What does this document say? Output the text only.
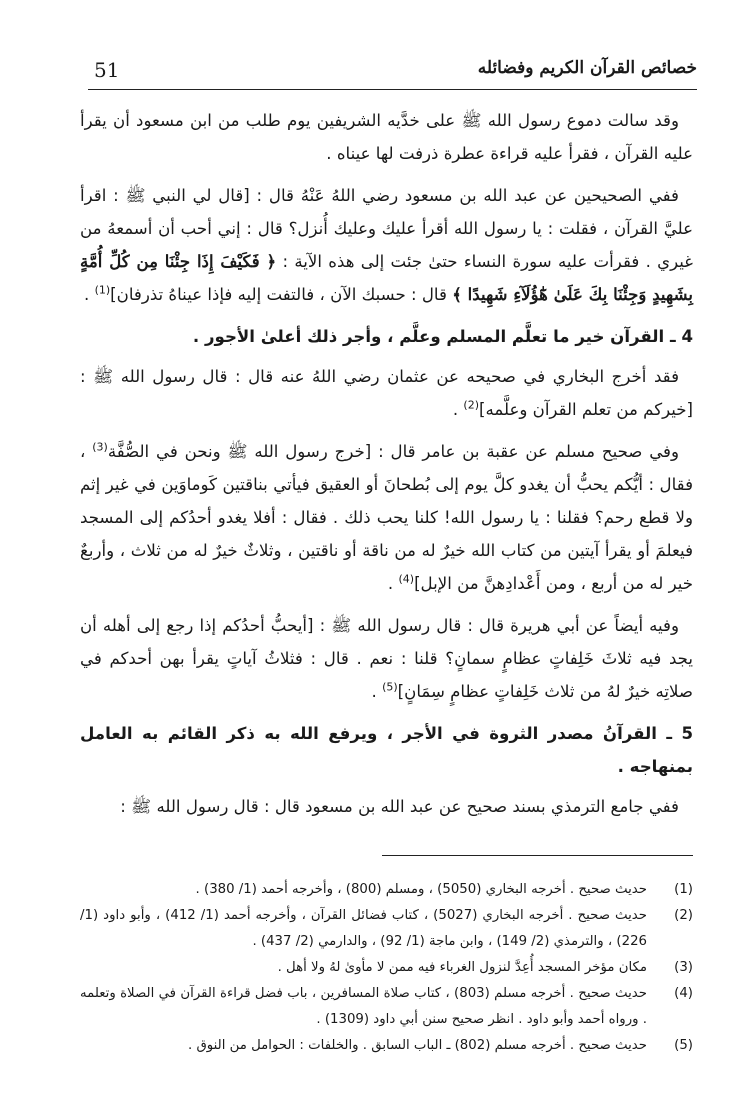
51	خصائص القرآن الكريم وفضائله

وقد سالت دموع رسول الله ﷺ على خدَّيه الشريفين يوم طلب من ابن مسعود أن يقرأ عليه القرآن ، فقرأ عليه قراءة عطرة ذرفت لها عيناه .

ففي الصحيحين عن عبد الله بن مسعود رضي اللهُ عَنْهُ قال : [قال لي النبي ﷺ : اقرأ عليَّ القرآن ، فقلت : يا رسول الله أقرأ عليك وعليك أُنزل؟ قال : إني أحب أن أسمعهُ من غيري . فقرأت عليه سورة النساء حتىٰ جئت إلى هذه الآية : ﴿ فَكَيْفَ إِذَا جِئْنَا مِن كُلِّ أُمَّةٍ بِشَهِيدٍ وَجِئْنَا بِكَ عَلَىٰ هَٰٓؤُلَآءِ شَهِيدًا ﴾ قال : حسبك الآن ، فالتفت إليه فإذا عيناهُ تذرفان]$^{(1)}$ .

4 ـ القرآن خير ما تعلَّم المسلم وعلَّم ، وأجر ذلك أعلىٰ الأجور .

فقد أخرج البخاري في صحيحه عن عثمان رضي اللهُ عنه قال : قال رسول الله ﷺ : [خيركم من تعلم القرآن وعلَّمه]$^{(2)}$ .

وفي صحيح مسلم عن عقبة بن عامر قال : [خرج رسول الله ﷺ ونحن في الصُّفَّة$^{(3)}$ ، فقال : أيُّكم يحبُّ أن يغدو كلَّ يوم إلى بُطحانَ أو العقيق فيأتي بناقتين كَوماوَين في غير إثم ولا قطع رحم؟ فقلنا : يا رسول الله! كلنا يحب ذلك . فقال : أفلا يغدو أحدُكم إلى المسجد فيعلمَ أو يقرأ آيتين من كتاب الله خيرٌ له من ناقة أو ناقتين ، وثلاثٌ خيرٌ له من ثلاث ، وأربعٌ خير له من أربع ، ومن أَعْدادِهنَّ من الإبل]$^{(4)}$ .

وفيه أيضاً عن أبي هريرة قال : قال رسول الله ﷺ : [أيحبُّ أحدُكم إذا رجع إلى أهله أن يجد فيه ثلاثَ خَلِفاتٍ عظامٍ سمانٍ؟ قلنا : نعم . قال : فثلاثُ آياتٍ يقرأ بهن أحدكم في صلاتِه خيرٌ لهُ من ثلاث خَلِفاتٍ عظامٍ سِمَانٍ]$^{(5)}$ .

5 ـ القرآنُ مصدر الثروة في الأجر ، ويرفع الله به ذكر القائم به العامل بمنهاجه .

ففي جامع الترمذي بسند صحيح عن عبد الله بن مسعود قال : قال رسول الله ﷺ :

(1)
حديث صحيح . أخرجه البخاري (5050) ، ومسلم (800) ، وأخرجه أحمد (1/ 380) .
(2)
حديث صحيح . أخرجه البخاري (5027) ، كتاب فضائل القرآن ، وأخرجه أحمد (1/ 412) ، وأبو داود (1/ 226) ، والترمذي (2/ 149) ، وابن ماجة (1/ 92) ، والدارمي (2/ 437) .
(3)
مكان مؤخر المسجد أُعِدَّ لنزول الغرباء فيه ممن لا مأوىٰ لهُ ولا أهل .
(4)
حديث صحيح . أخرجه مسلم (803) ، كتاب صلاة المسافرين ، باب فضل قراءة القرآن في الصلاة وتعلمه . ورواه أحمد وأبو داود . انظر صحيح سنن أبي داود (1309) .
(5)
حديث صحيح . أخرجه مسلم (802) ـ الباب السابق . والخلفات : الحوامل من النوق .
